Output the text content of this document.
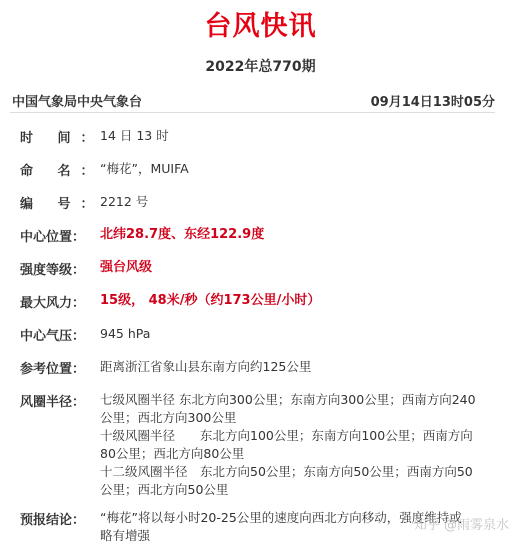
台风快讯
2022年总770期
中国气象局中央气象台	09月14日13时05分
时 间：
14 日 13 时
命 名：
“梅花”，MUIFA
编 号：
2212 号
中心位置：	北纬28.7度、东经122.9度
强度等级：	强台风级
最大风力：	15级， 48米/秒（约173公里/小时）
中心气压：	945 hPa
参考位置：	距离浙江省象山县东南方向约125公里
风圈半径：	七级风圈半径 东北方向300公里；东南方向300公里；西南方向240
公里；西北方向300公里
十级风圈半径　　东北方向100公里；东南方向100公里；西南方向
80公里；西北方向80公里
十二级风圈半径　东北方向50公里；东南方向50公里；西南方向50
公里；西北方向50公里
预报结论：	“梅花”将以每小时20-25公里的速度向西北方向移动，强度维持或
略有增强
知乎 @雨雾泉水
